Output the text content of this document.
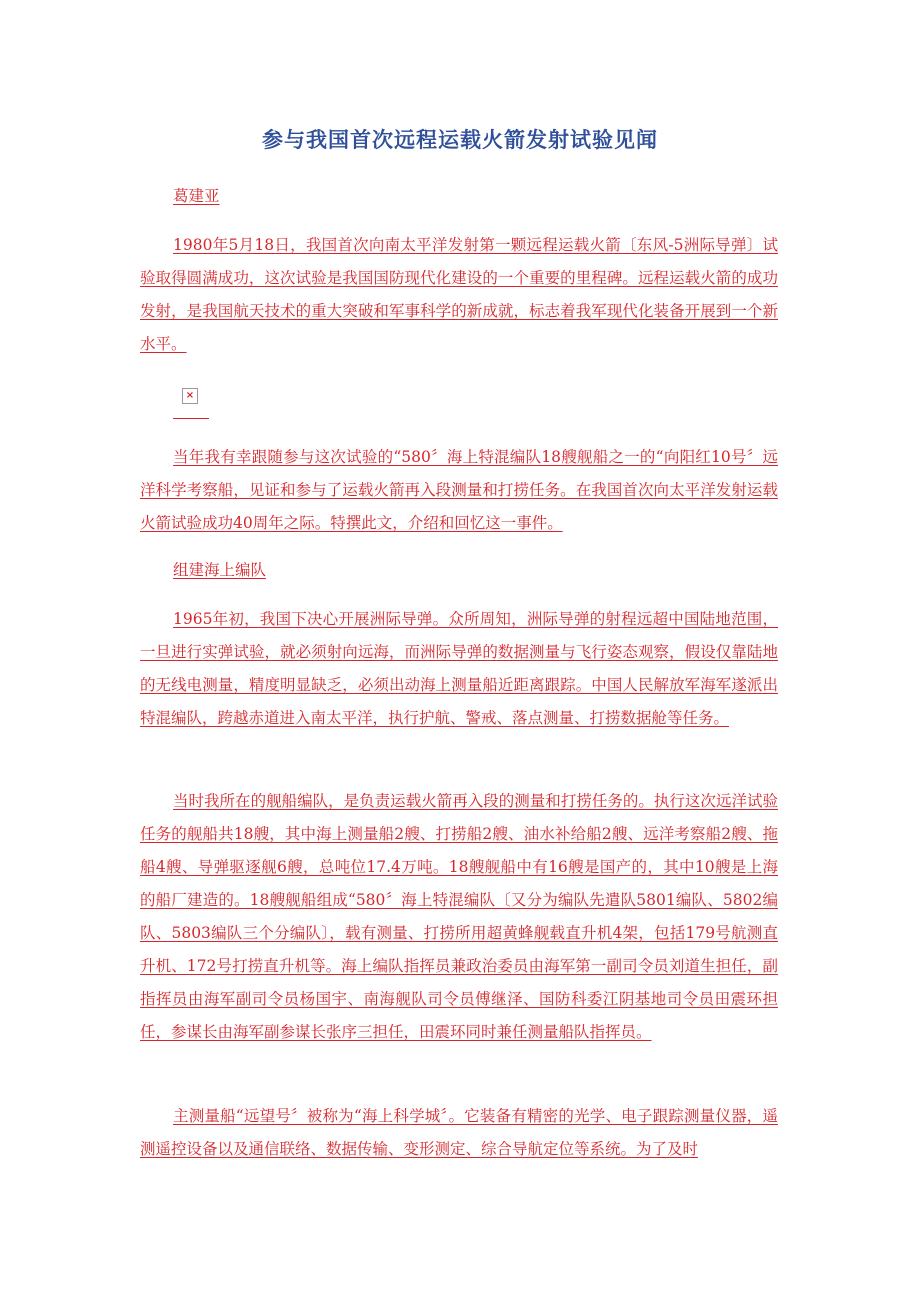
参与我国首次远程运载火箭发射试验见闻

葛建亚

1980年5月18日，我国首次向南太平洋发射第一颗远程运载火箭〔东风-5洲际导弹〕试验取得圆满成功，这次试验是我国国防现代化建设的一个重要的里程碑。远程运载火箭的成功发射，是我国航天技术的重大突破和军事科学的新成就，标志着我军现代化装备开展到一个新水平。

×

当年我有幸跟随参与这次试验的“580〞海上特混编队18艘舰船之一的“向阳红10号〞远洋科学考察船，见证和参与了运载火箭再入段测量和打捞任务。在我国首次向太平洋发射运载火箭试验成功40周年之际。特撰此文，介绍和回忆这一事件。

组建海上编队

1965年初，我国下决心开展洲际导弹。众所周知，洲际导弹的射程远超中国陆地范围，一旦进行实弹试验，就必须射向远海，而洲际导弹的数据测量与飞行姿态观察，假设仅靠陆地的无线电测量，精度明显缺乏，必须出动海上测量船近距离跟踪。中国人民解放军海军遂派出特混编队，跨越赤道进入南太平洋，执行护航、警戒、落点测量、打捞数据舱等任务。

当时我所在的舰船编队，是负责运载火箭再入段的测量和打捞任务的。执行这次远洋试验任务的舰船共18艘，其中海上测量船2艘、打捞船2艘、油水补给船2艘、远洋考察船2艘、拖船4艘、导弹驱逐舰6艘，总吨位17.4万吨。18艘舰船中有16艘是国产的，其中10艘是上海的船厂建造的。18艘舰船组成“580〞海上特混编队〔又分为编队先遣队5801编队、5802编队、5803编队三个分编队〕，载有测量、打捞所用超黄蜂舰载直升机4架，包括179号航测直升机、172号打捞直升机等。海上编队指挥员兼政治委员由海军第一副司令员刘道生担任，副指挥员由海军副司令员杨国宇、南海舰队司令员傅继泽、国防科委江阴基地司令员田震环担任，参谋长由海军副参谋长张序三担任，田震环同时兼任测量船队指挥员。

主测量船“远望号〞被称为“海上科学城〞。它装备有精密的光学、电子跟踪测量仪器，遥测遥控设备以及通信联络、数据传输、变形测定、综合导航定位等系统。为了及时
